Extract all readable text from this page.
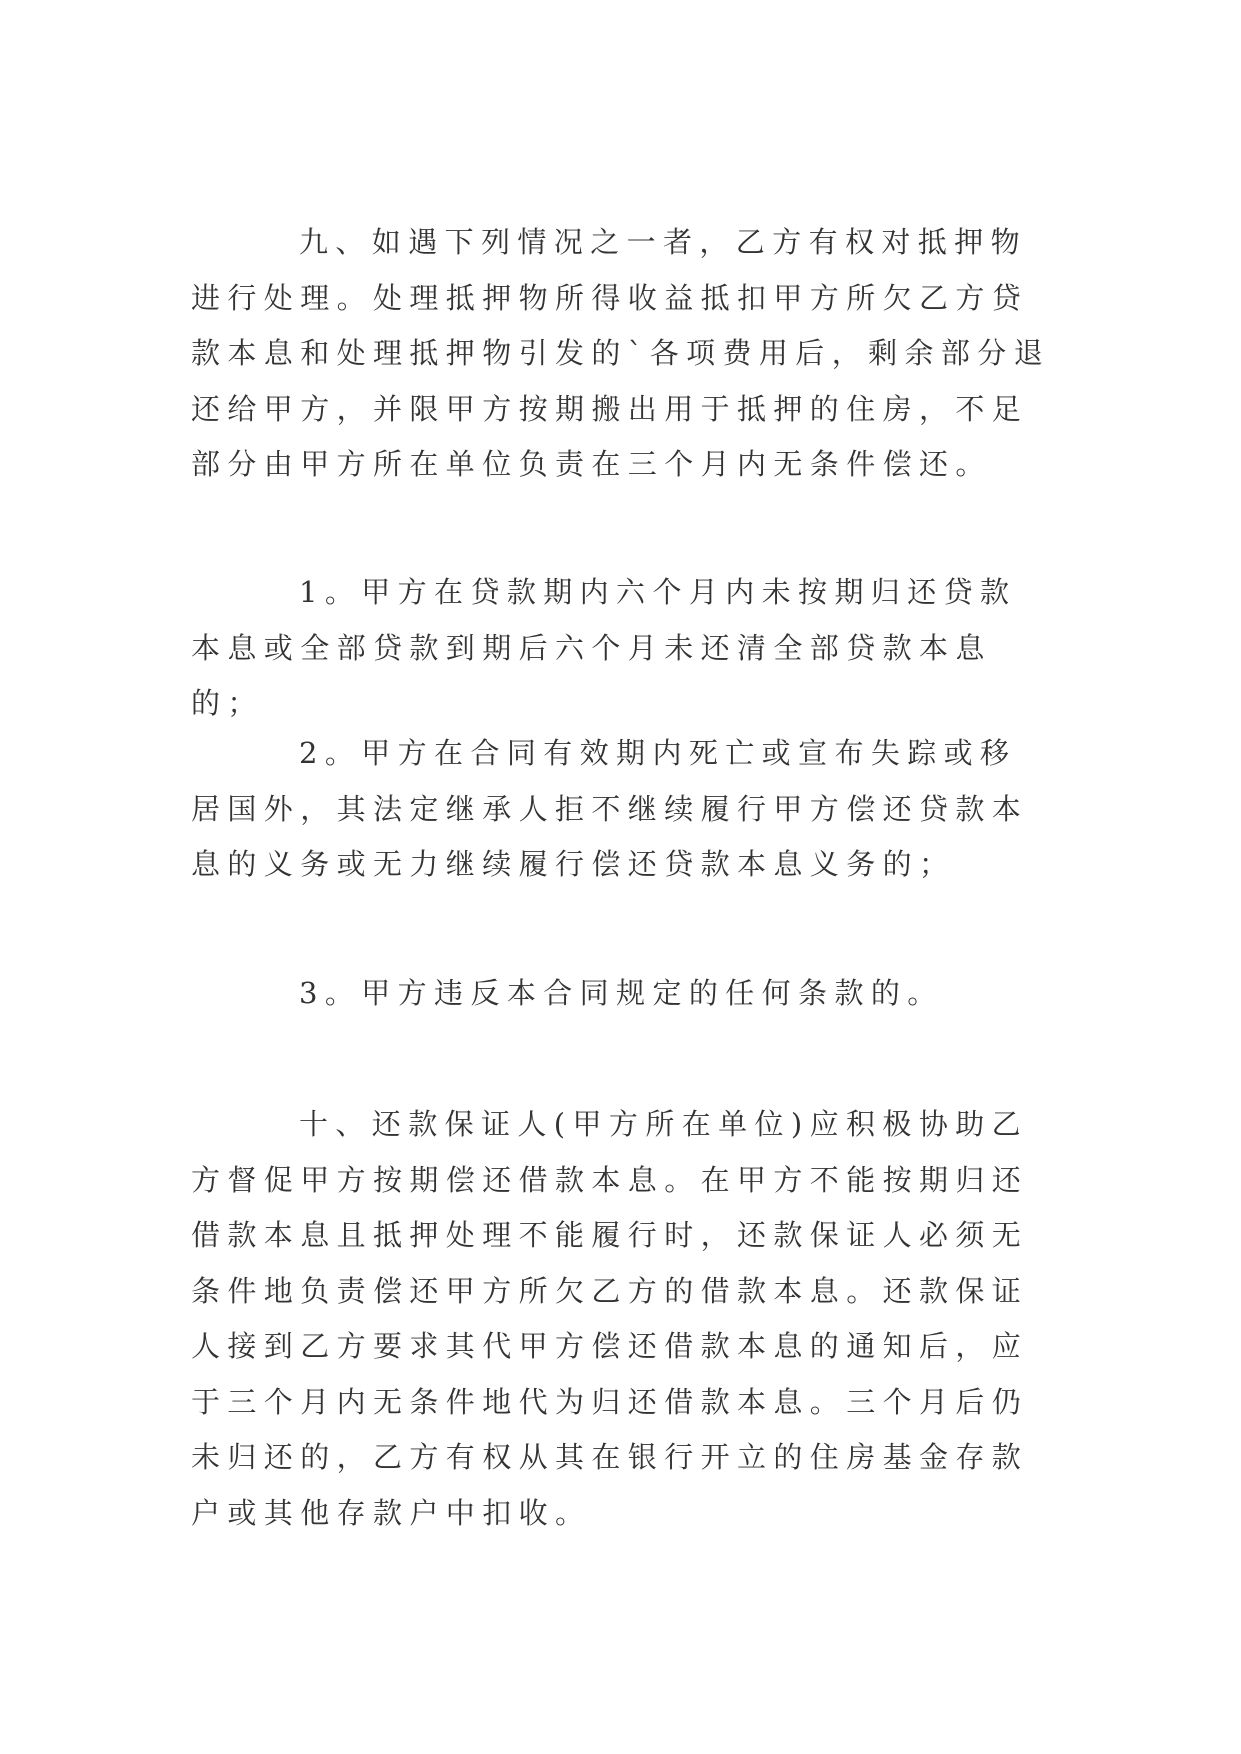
九、如遇下列情况之一者，乙方有权对抵押物进行处理。处理抵押物所得收益抵扣甲方所欠乙方贷款本息和处理抵押物引发的`各项费用后，剩余部分退还给甲方，并限甲方按期搬出用于抵押的住房，不足部分由甲方所在单位负责在三个月内无条件偿还。

1。甲方在贷款期内六个月内未按期归还贷款本息或全部贷款到期后六个月未还清全部贷款本息的；

2。甲方在合同有效期内死亡或宣布失踪或移居国外，其法定继承人拒不继续履行甲方偿还贷款本息的义务或无力继续履行偿还贷款本息义务的；

3。甲方违反本合同规定的任何条款的。

十、还款保证人(甲方所在单位)应积极协助乙方督促甲方按期偿还借款本息。在甲方不能按期归还借款本息且抵押处理不能履行时，还款保证人必须无条件地负责偿还甲方所欠乙方的借款本息。还款保证人接到乙方要求其代甲方偿还借款本息的通知后，应于三个月内无条件地代为归还借款本息。三个月后仍未归还的，乙方有权从其在银行开立的住房基金存款户或其他存款户中扣收。
